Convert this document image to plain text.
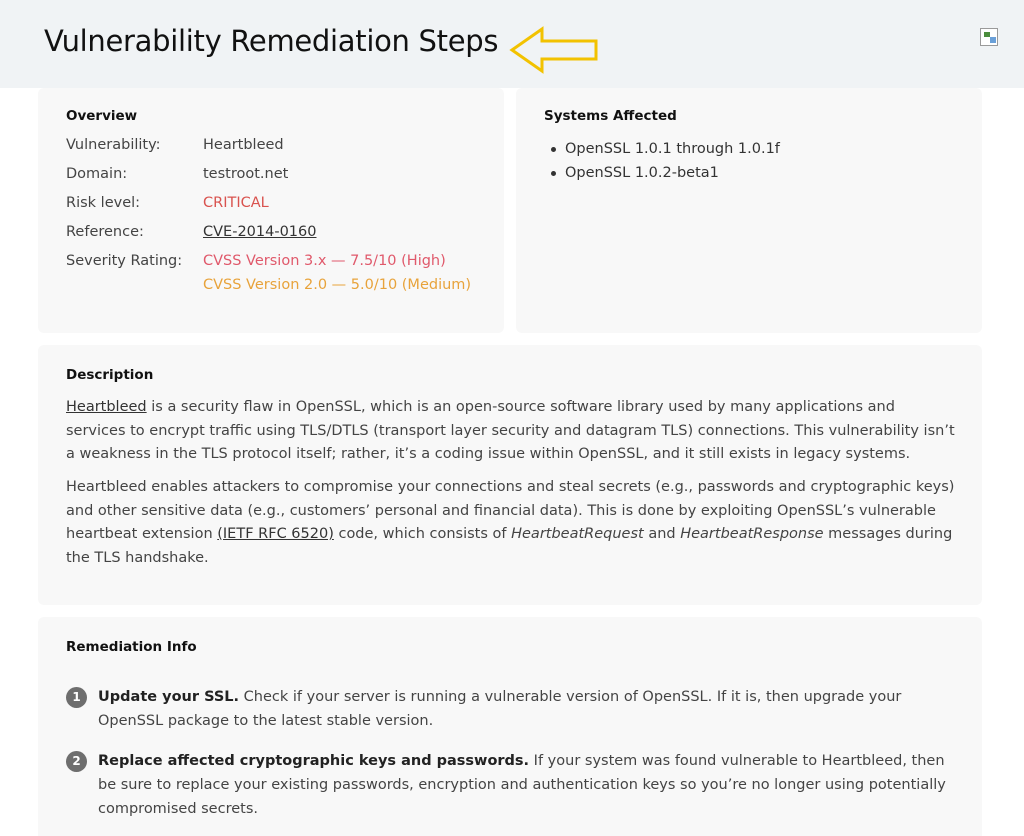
Vulnerability Remediation Steps
Overview
Vulnerability:	Heartbleed
Domain:	testroot.net
Risk level:	CRITICAL
Reference:	CVE-2014-0160
Severity Rating: CVSS Version 3.x — 7.5/10 (High)
CVSS Version 2.0 — 5.0/10 (Medium)
Systems Affected
OpenSSL 1.0.1 through 1.0.1f
OpenSSL 1.0.2-beta1
Description

Heartbleed is a security flaw in OpenSSL, which is an open-source software library used by many applications and services to encrypt traffic using TLS/DTLS (transport layer security and datagram TLS) connections. This vulnerability isn’t a weakness in the TLS protocol itself; rather, it’s a coding issue within OpenSSL, and it still exists in legacy systems.

Heartbleed enables attackers to compromise your connections and steal secrets (e.g., passwords and cryptographic keys) and other sensitive data (e.g., customers’ personal and financial data). This is done by exploiting OpenSSL’s vulnerable heartbeat extension (IETF RFC 6520) code, which consists of HeartbeatRequest and HeartbeatResponse messages during the TLS handshake.

Remediation Info
1	Update your SSL. Check if your server is running a vulnerable version of OpenSSL. If it is, then upgrade your OpenSSL package to the latest stable version.
2	Replace affected cryptographic keys and passwords. If your system was found vulnerable to Heartbleed, then be sure to replace your existing passwords, encryption and authentication keys so you’re no longer using potentially compromised secrets.
